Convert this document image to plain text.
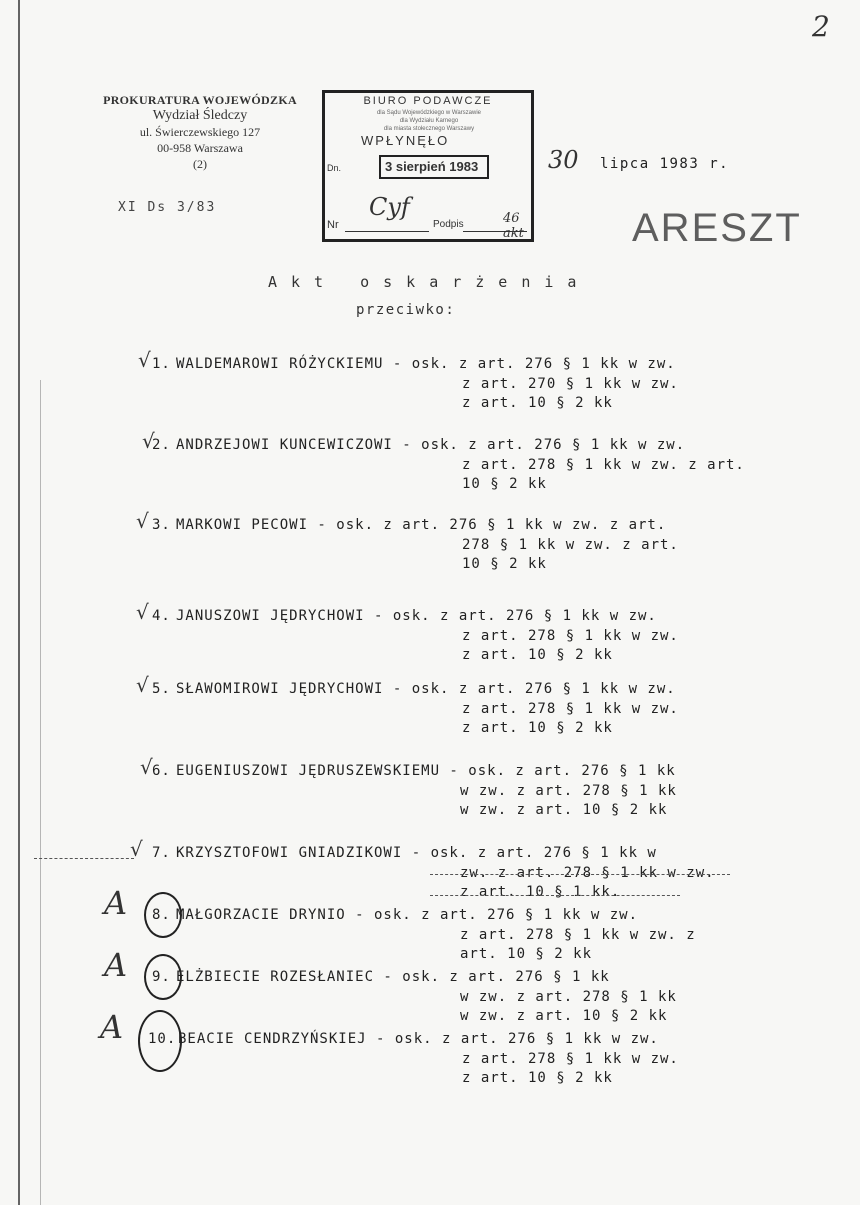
2
PROKURATURA WOJEWÓDZKA
Wydział Śledczy
ul. Świerczewskiego 127
00-958 Warszawa
(2)
XI Ds 3/83
BIURO PODAWCZE
dla Sądu Wojewódzkiego w Warszawie
dla Wydziału Karnego
dla miasta stołecznego Warszawy
WPŁYNĘŁO
Dn.	3 sierpień 1983
Cyf	46 akt
Nr	Podpis
30 lipca 1983 r.
ARESZT
Akt oskarżenia
przeciwko:
√ 1. WALDEMAROWI RÓŻYCKIEMU - osk. z art. 276 § 1 kk w zw.
z art. 270 § 1 kk w zw.
z art. 10 § 2 kk
√
2. ANDRZEJOWI KUNCEWICZOWI - osk. z art. 276 § 1 kk w zw.
z art. 278 § 1 kk w zw. z art.
10 § 2 kk
√ 3. MARKOWI PECOWI - osk. z art. 276 § 1 kk w zw. z art.
278 § 1 kk w zw. z art.
10 § 2 kk
√ 4. JANUSZOWI JĘDRYCHOWI - osk. z art. 276 § 1 kk w zw.
z art. 278 § 1 kk w zw.
z art. 10 § 2 kk
√ 5. SŁAWOMIROWI JĘDRYCHOWI - osk. z art. 276 § 1 kk w zw.
z art. 278 § 1 kk w zw.
z art. 10 § 2 kk
√
6. EUGENIUSZOWI JĘDRUSZEWSKIEMU - osk. z art. 276 § 1 kk
w zw. z art. 278 § 1 kk
w zw. z art. 10 § 2 kk
√ 7. KRZYSZTOFOWI GNIADZIKOWI - osk. z art. 276 § 1 kk w
zw. z art. 278 § 1 kk w zw.
z art. 10 § 1 kk.
A 8. MAŁGORZACIE DRYNIO - osk. z art. 276 § 1 kk w zw.
z art. 278 § 1 kk w zw. z
art. 10 § 2 kk
A 9. ELŻBIECIE ROZESŁANIEC - osk. z art. 276 § 1 kk
w zw. z art. 278 § 1 kk
w zw. z art. 10 § 2 kk
A 10. BEACIE CENDRZYŃSKIEJ - osk. z art. 276 § 1 kk w zw.
z art. 278 § 1 kk w zw.
z art. 10 § 2 kk
